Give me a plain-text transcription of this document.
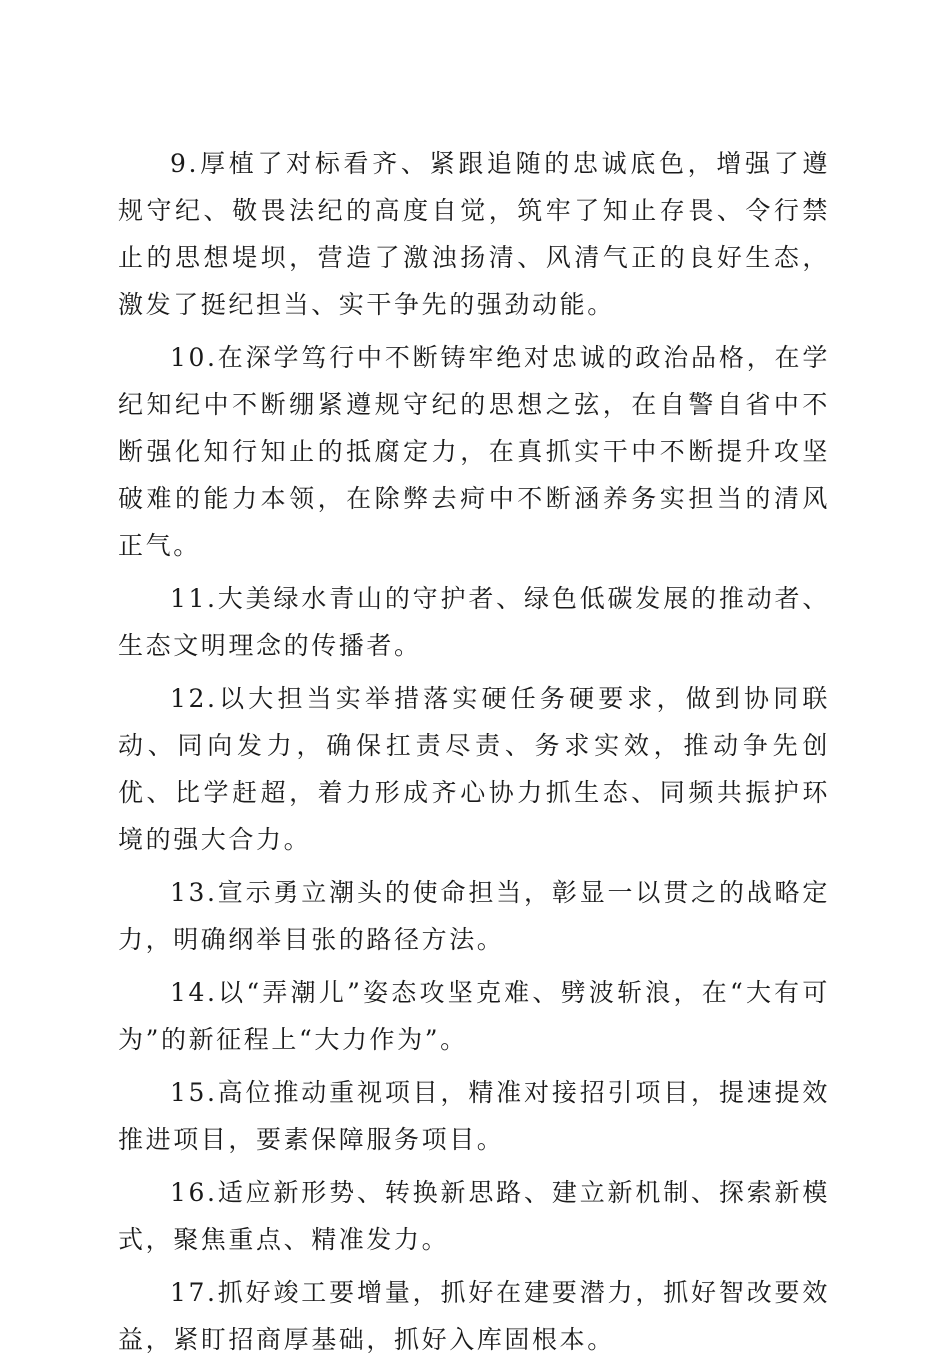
9.厚植了对标看齐、紧跟追随的忠诚底色，增强了遵规守纪、敬畏法纪的高度自觉，筑牢了知止存畏、令行禁止的思想堤坝，营造了激浊扬清、风清气正的良好生态，激发了挺纪担当、实干争先的强劲动能。

10.在深学笃行中不断铸牢绝对忠诚的政治品格，在学纪知纪中不断绷紧遵规守纪的思想之弦，在自警自省中不断强化知行知止的抵腐定力，在真抓实干中不断提升攻坚破难的能力本领，在除弊去疴中不断涵养务实担当的清风正气。

11.大美绿水青山的守护者、绿色低碳发展的推动者、生态文明理念的传播者。

12.以大担当实举措落实硬任务硬要求，做到协同联动、同向发力，确保扛责尽责、务求实效，推动争先创优、比学赶超，着力形成齐心协力抓生态、同频共振护环境的强大合力。

13.宣示勇立潮头的使命担当，彰显一以贯之的战略定力，明确纲举目张的路径方法。

14.以“弄潮儿”姿态攻坚克难、劈波斩浪，在“大有可为”的新征程上“大力作为”。

15.高位推动重视项目，精准对接招引项目，提速提效推进项目，要素保障服务项目。

16.适应新形势、转换新思路、建立新机制、探索新模式，聚焦重点、精准发力。

17.抓好竣工要增量，抓好在建要潜力，抓好智改要效益，紧盯招商厚基础，抓好入库固根本。
